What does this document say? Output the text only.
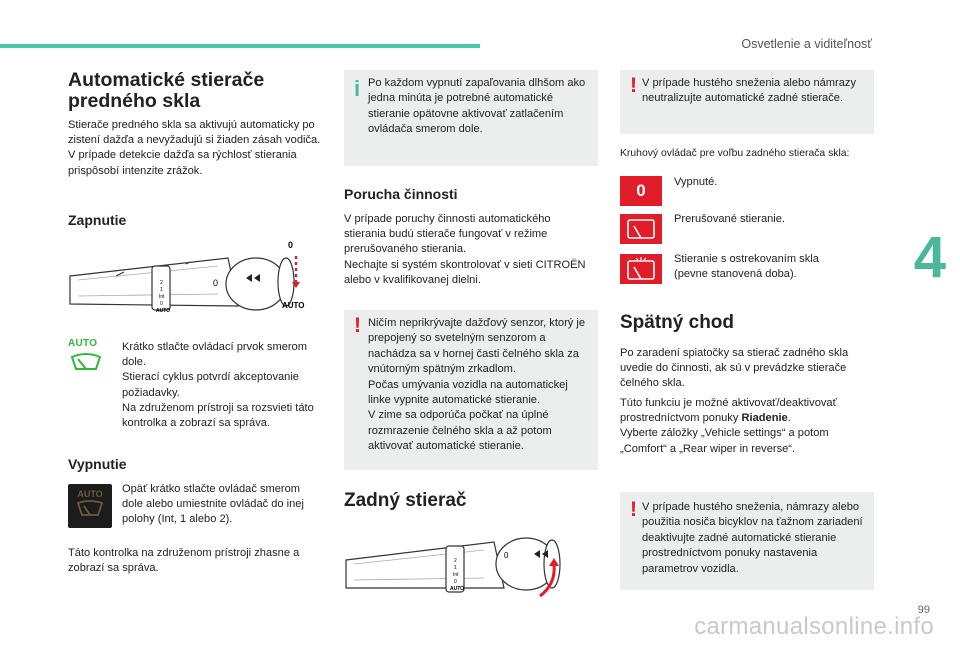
Osvetlenie a viditeľnosť
4
Automatické stierače
predného skla
Stierače predného skla sa aktivujú automaticky po zistení dažďa a nevyžadujú si žiaden zásah vodiča. V prípade detekcie dažďa sa rýchlosť stierania prispôsobí intenzite zrážok.
Zapnutie
2
1
Int
0
AUTO
0
0
AUTO
AUTO	Krátko stlačte ovládací prvok smerom dole.
Stierací cyklus potvrdí akceptovanie požiadavky.
Na združenom prístroji sa rozsvieti táto kontrolka a zobrazí sa správa.
Vypnutie
AUTO	Opäť krátko stlačte ovládač smerom dole alebo umiestnite ovládač do inej polohy (Int, 1 alebo 2).
Táto kontrolka na združenom prístroji zhasne a zobrazí sa správa.
i Po každom vypnutí zapaľovania dlhšom ako jedna minúta je potrebné automatické stieranie opätovne aktivovať zatlačením ovládača smerom dole.
Porucha činnosti
V prípade poruchy činnosti automatického stierania budú stierače fungovať v režime prerušovaného stierania.
Nechajte si systém skontrolovať v sieti CITROËN alebo v kvalifikovanej dielni.
! Ničím neprikrývajte dažďový senzor, ktorý je prepojený so svetelným senzorom a nachádza sa v hornej časti čelného skla za vnútorným spätným zrkadlom.
Počas umývania vozidla na automatickej linke vypnite automatické stieranie.
V zime sa odporúča počkať na úplné rozmrazenie čelného skla a až potom aktivovať automatické stieranie.
Zadný stierač
2
1
Int
0
AUTO
0
! V prípade hustého sneženia alebo námrazy neutralizujte automatické zadné stierače.
Kruhový ovládač pre voľbu zadného stierača skla:
0	Vypnuté.
Prerušované stieranie.
Stieranie s ostrekovaním skla
(pevne stanovená doba).
Spätný chod
Po zaradení spiatočky sa stierač zadného skla uvedie do činnosti, ak sú v prevádzke stierače čelného skla.
Túto funkciu je možné aktivovať/deaktivovať prostredníctvom ponuky Riadenie.
Vyberte záložky „Vehicle settings“ a potom „Comfort“ a „Rear wiper in reverse“.
! V prípade hustého sneženia, námrazy alebo použitia nosiča bicyklov na ťažnom zariadení deaktivujte zadné automatické stieranie prostredníctvom ponuky nastavenia parametrov vozidla.
99
carmanualsonline.info
